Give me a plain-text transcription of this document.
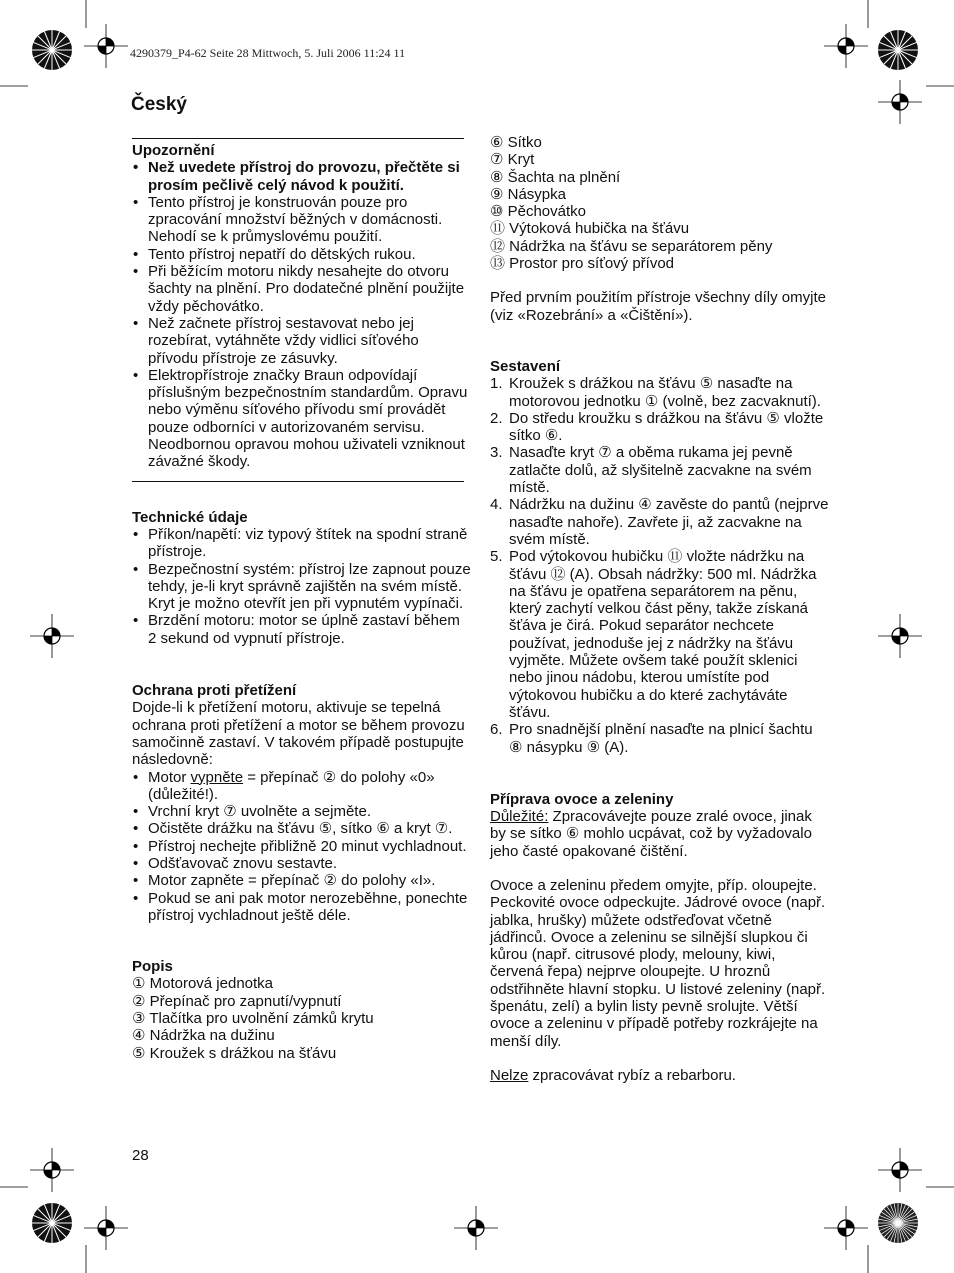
4290379_P4-62 Seite 28 Mittwoch, 5. Juli 2006 11:24 11
Český

Upozornění

• Než uvedete přístroj do provozu, přečtěte si prosím pečlivě celý návod k použití.
• Tento přístroj je konstruován pouze pro zpracování množství běžných v domácnosti. Nehodí se k průmyslovému použití.
• Tento přístroj nepatří do dětských rukou.
• Při běžícím motoru nikdy nesahejte do otvoru šachty na plnění. Pro dodatečné plnění použijte vždy pěchovátko.
• Než začnete přístroj sestavovat nebo jej rozebírat, vytáhněte vždy vidlici síťového přívodu přístroje ze zásuvky.
• Elektropřístroje značky Braun odpovídají příslušným bezpečnostním standardům. Opravu nebo výměnu síťového přívodu smí provádět pouze odborníci v autorizovaném servisu. Neodbornou opravou mohou uživateli vzniknout závažné škody.

Technické údaje

• Příkon/napětí: viz typový štítek na spodní straně přístroje.
• Bezpečnostní systém: přístroj lze zapnout pouze tehdy, je-li kryt správně zajištěn na svém místě. Kryt je možno otevřít jen při vypnutém vypínači.
• Brzdění motoru: motor se úplně zastaví během 2 sekund od vypnutí přístroje.

Ochrana proti přetížení

Dojde-li k přetížení motoru, aktivuje se tepelná ochrana proti přetížení a motor se během provozu samočinně zastaví. V takovém případě postupujte následovně:

• Motor vypněte = přepínač ② do polohy «0» (důležité!).
• Vrchní kryt ⑦ uvolněte a sejměte.
• Očistěte drážku na šťávu ⑤, sítko ⑥ a kryt ⑦.
• Přístroj nechejte přibližně 20 minut vychladnout.
• Odšťavovač znovu sestavte.
• Motor zapněte = přepínač ② do polohy «I».
• Pokud se ani pak motor nerozeběhne, ponechte přístroj vychladnout ještě déle.

Popis

① Motorová jednotka

② Přepínač pro zapnutí/vypnutí

③ Tlačítka pro uvolnění zámků krytu

④ Nádržka na dužinu

⑤ Kroužek s drážkou na šťávu

⑥ Sítko

⑦ Kryt

⑧ Šachta na plnění

⑨ Násypka

⑩ Pěchovátko

⑪ Výtoková hubička na šťávu

⑫ Nádržka na šťávu se separátorem pěny

⑬ Prostor pro síťový přívod

Před prvním použitím přístroje všechny díly omyjte (viz «Rozebrání» a «Čištění»).

Sestavení

1. Kroužek s drážkou na šťávu ⑤ nasaďte na motorovou jednotku ① (volně, bez zacvaknutí).
2. Do středu kroužku s drážkou na šťávu ⑤ vložte sítko ⑥.
3. Nasaďte kryt ⑦ a oběma rukama jej pevně zatlačte dolů, až slyšitelně zacvakne na svém místě.
4. Nádržku na dužinu ④ zavěste do pantů (nejprve nasaďte nahoře). Zavřete ji, až zacvakne na svém místě.
5. Pod výtokovou hubičku ⑪ vložte nádržku na šťávu ⑫ (A). Obsah nádržky: 500 ml. Nádržka na šťávu je opatřena separátorem na pěnu, který zachytí velkou část pěny, takže získaná šťáva je čirá. Pokud separátor nechcete používat, jednoduše jej z nádržky na šťávu vyjměte. Můžete ovšem také použít sklenici nebo jinou nádobu, kterou umístíte pod výtokovou hubičku a do které zachytáváte šťávu.
6. Pro snadnější plnění nasaďte na plnicí šachtu ⑧ násypku ⑨ (A).

Příprava ovoce a zeleniny

Důležité: Zpracovávejte pouze zralé ovoce, jinak by se sítko ⑥ mohlo ucpávat, což by vyžadovalo jeho časté opakované čištění.

Ovoce a zeleninu předem omyjte, příp. oloupejte. Peckovité ovoce odpeckujte. Jádrové ovoce (např. jablka, hrušky) můžete odstřeďovat včetně jádřinců. Ovoce a zeleninu se silnější slupkou či kůrou (např. citrusové plody, melouny, kiwi, červená řepa) nejprve oloupejte. U hroznů odstřihněte hlavní stopku. U listové zeleniny (např. špenátu, zelí) a bylin listy pevně srolujte. Větší ovoce a zeleninu v případě potřeby rozkrájejte na menší díly.

Nelze zpracovávat rybíz a rebarboru.

28
